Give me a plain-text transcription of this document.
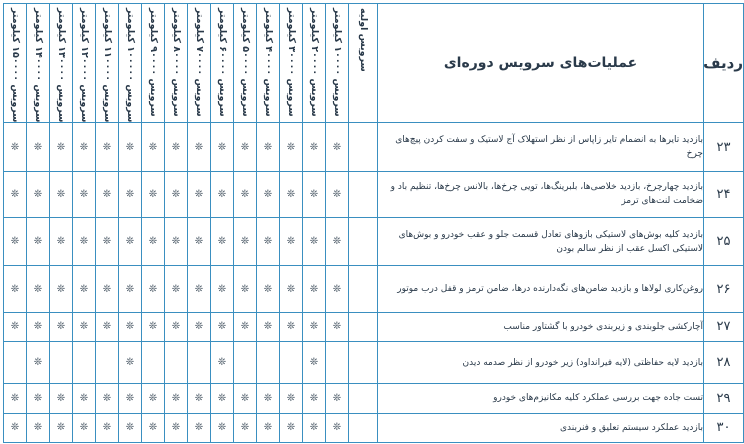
ردیف	عملیات‌های سرویس دوره‌ای	سرویس اولیه	سرویس ۱۰۰۰۰ کیلومتر	سرویس ۲۰۰۰۰ کیلومتر	سرویس ۳۰۰۰۰ کیلومتر	سرویس ۴۰۰۰۰ کیلومتر	سرویس ۵۰۰۰۰ کیلومتر	سرویس ۶۰۰۰۰ کیلومتر	سرویس ۷۰۰۰۰ کیلومتر	سرویس ۸۰۰۰۰ کیلومتر	سرویس ۹۰۰۰۰ کیلومتر	سرویس ۱۰۰۰۰۰ کیلومتر	سرویس ۱۱۰۰۰۰ کیلومتر	سرویس ۱۲۰۰۰۰ کیلومتر	سرویس ۱۳۰۰۰۰ کیلومتر	سرویس ۱۴۰۰۰۰ کیلومتر	سرویس ۱۵۰۰۰۰ کیلومتر

۲۳	بازدید تایرها به انضمام تایر زاپاس از نظر استهلاک آج لاستیک و سفت کردن پیچ‌های چرخ		❊	❊	❊	❊	❊	❊	❊	❊	❊	❊	❊	❊	❊	❊	❊
۲۴	بازدید چهارچرخ، بازدید خلاصی‌ها، بلبرینگ‌ها، تویی چرخ‌ها، بالانس چرخ‌ها، تنظیم باد و ضخامت لنت‌های ترمز		❊	❊	❊	❊	❊	❊	❊	❊	❊	❊	❊	❊	❊	❊	❊
۲۵	بازدید کلیه بوش‌های لاستیکی بازوهای تعادل قسمت جلو و عقب خودرو و بوش‌های لاستیکی اکسل عقب از نظر سالم بودن		❊	❊	❊	❊	❊	❊	❊	❊	❊	❊	❊	❊	❊	❊	❊
۲۶	روغن‌کاری لولاها و بازدید ضامن‌های نگه‌دارنده درها، ضامن ترمز و قفل درب موتور		❊	❊	❊	❊	❊	❊	❊	❊	❊	❊	❊	❊	❊	❊	❊
۲۷	آچارکشی جلوبندی و زیربندی خودرو با گشتاور مناسب		❊	❊	❊	❊	❊	❊	❊	❊	❊	❊	❊	❊	❊	❊	❊
۲۸	بازدید لایه حفاظتی (لایه فیرانداود) زیر خودرو از نظر صدمه دیدن			❊				❊				❊				❊	
۲۹	تست جاده جهت بررسی عملکرد کلیه مکانیزم‌های خودرو		❊	❊	❊	❊	❊	❊	❊	❊	❊	❊	❊	❊	❊	❊	❊
۳۰	بازدید عملکرد سیستم تعلیق و فنربندی		❊	❊	❊	❊	❊	❊	❊	❊	❊	❊	❊	❊	❊	❊	❊
